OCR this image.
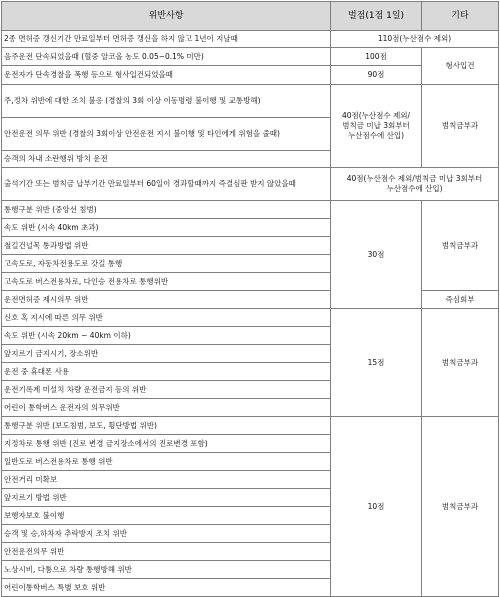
위반사항	벌점(1점 1일)	기타
2종 면허증 갱신기간 만료일부터 면허증 갱신을 하지 않고 1년이 지날때	110점(누산점수 제외)	
음주운전 단속되었을때 (혈중 알코올 농도 0.05~0.1% 미만)	100점	형사입건
운전자가 단속경찰을 폭행 등으로 형사입건되었을때	90점	
주,정차 위반에 대한 조치 불응 (경찰의 3회 이상 이동명령 불이행 및 교통방해)	40점(누산점수 제외/범칙금 미납 3회부터 누산점수에 산입)	범칙금부과
안전운전 의무 위반 (경찰의 3회이상 안전운전 지시 불이행 및 타인에게 위험을 줄때)		
승객의 차내 소란행위 방치 운전		
출석기간 또는 범칙금 납부기간 만료일부터 60일이 경과할때까지 즉결심판 받지 않았을때	40점(누산점수 제외/범칙금 미납 3회부터 누산점수에 산입)	
통행구분 위반 (중앙선 침범)	30점	범칙금부과
속도 위반 (시속 40km 초과)		
철길건널목 통과방법 위반		
고속도로, 자동차전용도로 갓길 통행		
고속도로 버스전용차로, 다인승 전용차로 통행위반		
운전면허증 제시의무 위반		즉심회부
신호 혹 지시에 따른 의무 위반	15점	범칙금부과
속도 위반 (시속 20km ~ 40km 이하)		
앞지르기 금지시기, 장소위반		
운전 중 휴대폰 사용		
운전기록계 미설치 차량 운전금지 등의 위반		
어린이 통학버스 운전자의 의무위반		
통행구분 위반 (보도침범, 보도, 횡단방법 위반)	10점	범칙금부과
지정차로 통행 위반 (진로 변경 금지장소에서의 진로변경 포함)		
일반도로 버스전용차로 통행 위반		
안전거리 미확보		
앞지르기 방법 위반		
보행자보호 불이행		
승객 및 승,하차자 추락방지 조치 위반		
안전운전의무 위반		
노상시비, 다툼으로 차량 통행방해 위반		
어린이통학버스 특별 보호 위반		
